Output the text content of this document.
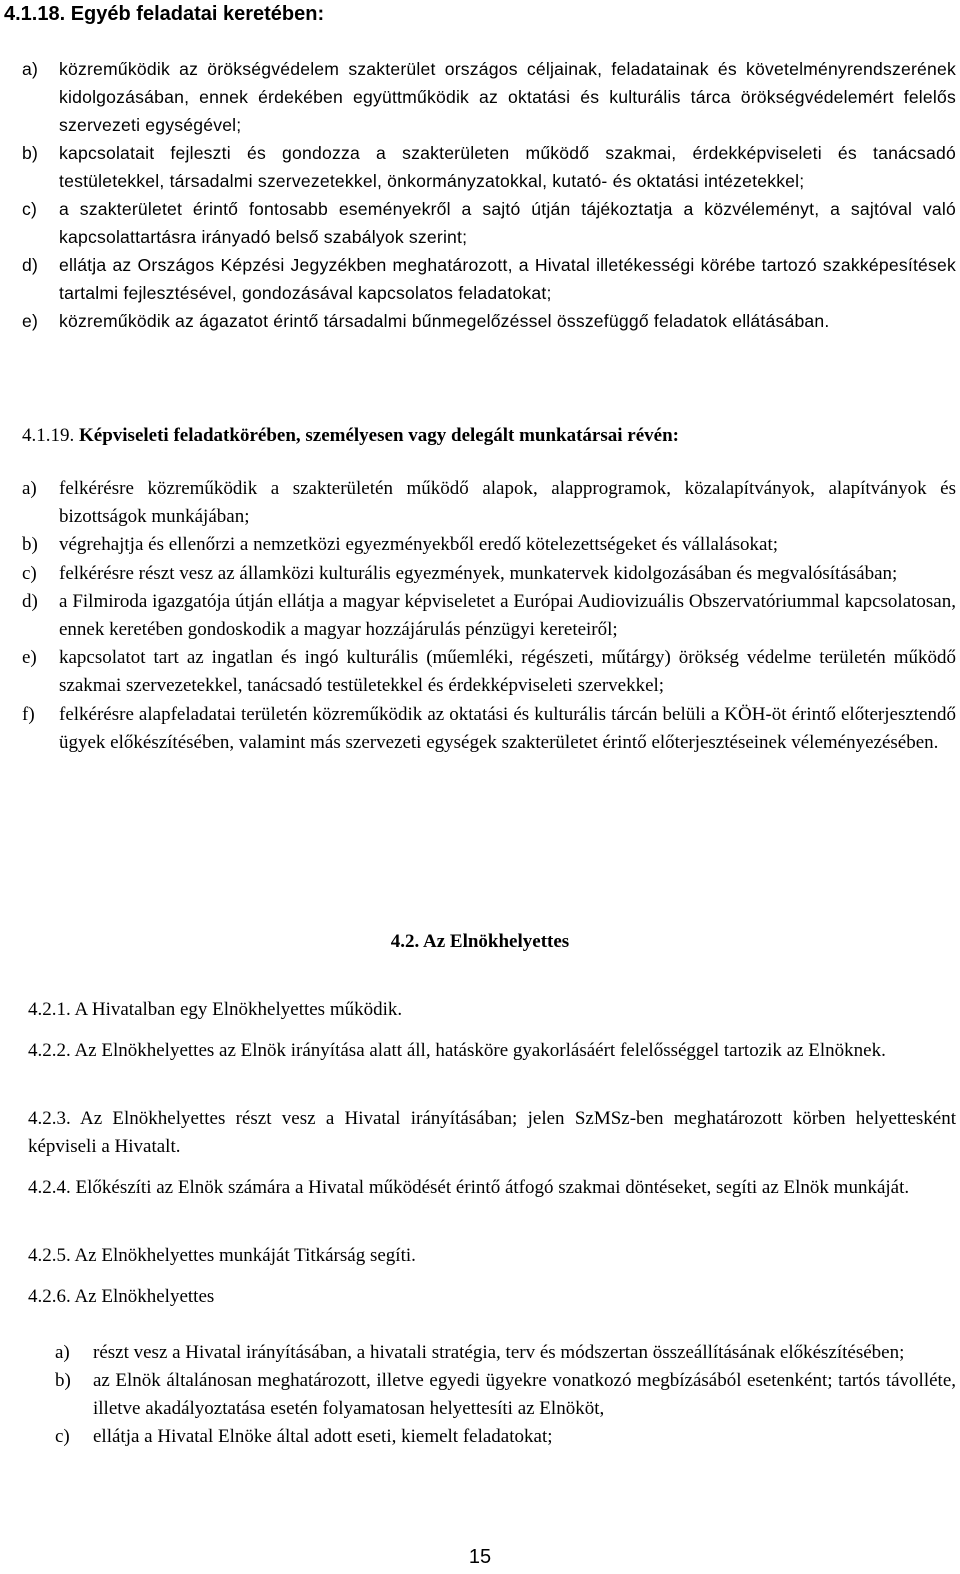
4.1.18. Egyéb feladatai keretében:
a)	közreműködik az örökségvédelem szakterület országos céljainak, feladatainak és követelményrendszerének kidolgozásában, ennek érdekében együttműködik az oktatási és kulturális tárca örökségvédelemért felelős szervezeti egységével;
b)	kapcsolatait fejleszti és gondozza a szakterületen működő szakmai, érdekképviseleti és tanácsadó testületekkel, társadalmi szervezetekkel, önkormányzatokkal, kutató- és oktatási intézetekkel;
c)	a szakterületet érintő fontosabb eseményekről a sajtó útján tájékoztatja a közvéleményt, a sajtóval való kapcsolattartásra irányadó belső szabályok szerint;
d)	ellátja az Országos Képzési Jegyzékben meghatározott, a Hivatal illetékességi körébe tartozó szakképesítések tartalmi fejlesztésével, gondozásával kapcsolatos feladatokat;
e)	közreműködik az ágazatot érintő társadalmi bűnmegelőzéssel összefüggő feladatok ellátásában.
4.1.19. Képviseleti feladatkörében, személyesen vagy delegált munkatársai révén:
a)	felkérésre közreműködik a szakterületén működő alapok, alapprogramok, közalapítványok, alapítványok és bizottságok munkájában;
b)	végrehajtja és ellenőrzi a nemzetközi egyezményekből eredő kötelezettségeket és vállalásokat;
c)	felkérésre részt vesz az államközi kulturális egyezmények, munkatervek kidolgozásában és megvalósításában;
d)	a Filmiroda igazgatója útján ellátja a magyar képviseletet a Európai Audiovizuális Obszervatóriummal kapcsolatosan, ennek keretében gondoskodik a magyar hozzájárulás pénzügyi kereteiről;
e)	kapcsolatot tart az ingatlan és ingó kulturális (műemléki, régészeti, műtárgy) örökség védelme területén működő szakmai szervezetekkel, tanácsadó testületekkel és érdekképviseleti szervekkel;
f)	felkérésre alapfeladatai területén közreműködik az oktatási és kulturális tárcán belüli a KÖH-öt érintő előterjesztendő ügyek előkészítésében, valamint más szervezeti egységek szakterületet érintő előterjesztéseinek véleményezésében.
4.2. Az Elnökhelyettes
4.2.1. A Hivatalban egy Elnökhelyettes működik.
4.2.2. Az Elnökhelyettes az Elnök irányítása alatt áll, hatásköre gyakorlásáért felelősséggel tartozik az Elnöknek.
4.2.3. Az Elnökhelyettes részt vesz a Hivatal irányításában; jelen SzMSz-ben meghatározott körben helyettesként képviseli a Hivatalt.
4.2.4. Előkészíti az Elnök számára a Hivatal működését érintő átfogó szakmai döntéseket, segíti az Elnök munkáját.
4.2.5. Az Elnökhelyettes munkáját Titkárság segíti.
4.2.6. Az Elnökhelyettes
a)	részt vesz a Hivatal irányításában, a hivatali stratégia, terv és módszertan összeállításának előkészítésében;
b)	az Elnök általánosan meghatározott, illetve egyedi ügyekre vonatkozó megbízásából esetenként; tartós távolléte, illetve akadályoztatása esetén folyamatosan helyettesíti az Elnököt,
c)	ellátja a Hivatal Elnöke által adott eseti, kiemelt feladatokat;
15
